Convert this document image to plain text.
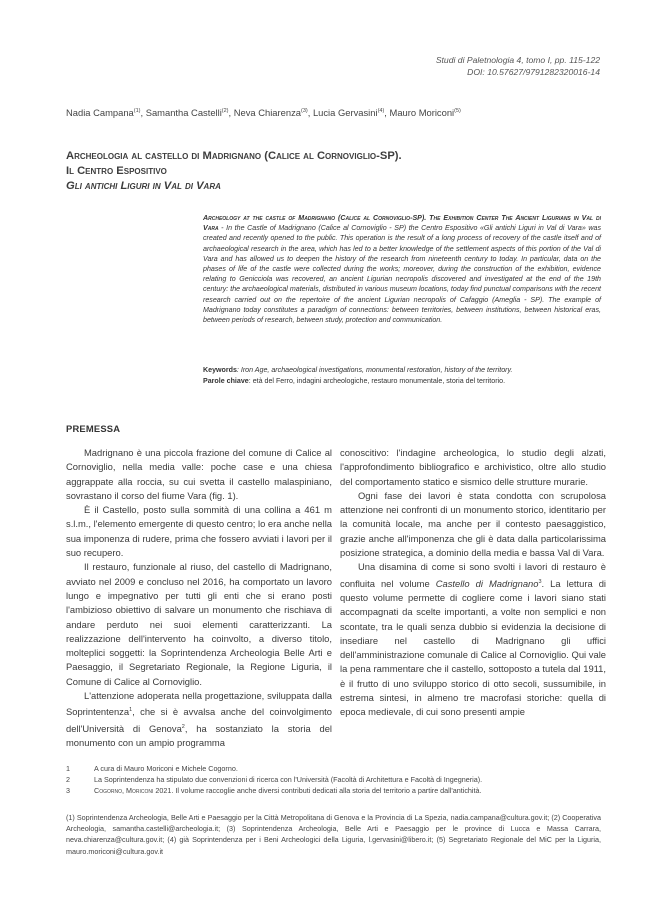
Studi di Paletnologia 4, tomo I, pp. 115-122
DOI: 10.57627/9791282320016-14
Nadia Campana$^{(1)}$, Samantha Castelli$^{(2)}$, Neva Chiarenza$^{(3)}$, Lucia Gervasini$^{(4)}$, Mauro Moriconi$^{(5)}$
Archeologia al castello di Madrignano (Calice al Cornoviglio-SP).
Il Centro Espositivo
Gli antichi Liguri in Val di Vara
Archeology at the castle of Madrignano (Calice al Cornoviglio-SP). The Exhibition Center The Ancient Ligurians in Val di Vara - In the Castle of Madrignano (Calice al Cornoviglio - SP) the Centro Espositivo «Gli antichi Liguri in Val di Vara» was created and recently opened to the public. This operation is the result of a long process of recovery of the castle itself and of archaeological research in the area, which has led to a better knowledge of the settlement aspects of this portion of the Val di Vara and has allowed us to deepen the history of the research from nineteenth century to today. In particular, data on the phases of life of the castle were collected during the works; moreover, during the construction of the exhibition, evidence relating to Genicciola was recovered, an ancient Ligurian necropolis discovered and investigated at the end of the 19th century: the archaeological materials, distributed in various museum locations, today find punctual comparisons with the recent research carried out on the repertoire of the ancient Ligurian necropolis of Cafaggio (Ameglia - SP). The example of Madrignano today constitutes a paradigm of connections: between territories, between institutions, between historical eras, between periods of research, between study, protection and communication.
Keywords: Iron Age, archaeological investigations, monumental restoration, history of the territory.
Parole chiave: età del Ferro, indagini archeologiche, restauro monumentale, storia del territorio.
PREMESSA

Madrignano è una piccola frazione del comune di Calice al Cornoviglio, nella media valle: poche case e una chiesa aggrappate alla roccia, su cui svetta il castello malaspiniano, sovrastano il corso del fiume Vara (fig. 1).

È il Castello, posto sulla sommità di una collina a 461 m s.l.m., l'elemento emergente di questo centro; lo era anche nella sua imponenza di rudere, prima che fossero avviati i lavori per il suo recupero.

Il restauro, funzionale al riuso, del castello di Madrignano, avviato nel 2009 e concluso nel 2016, ha comportato un lavoro lungo e impegnativo per tutti gli enti che si erano posti l'ambizioso obiettivo di salvare un monumento che rischiava di andare perduto nei suoi elementi caratterizzanti. La realizzazione dell'intervento ha coinvolto, a diverso titolo, molteplici soggetti: la Soprintendenza Archeologia Belle Arti e Paesaggio, il Segretariato Regionale, la Regione Liguria, il Comune di Calice al Cornoviglio.

L'attenzione adoperata nella progettazione, sviluppata dalla Soprintentenza$^1$, che si è avvalsa anche del coinvolgimento dell'Università di Genova$^2$, ha sostanziato la storia del monumento con un ampio programma

conoscitivo: l'indagine archeologica, lo studio degli alzati, l'approfondimento bibliografico e archivistico, oltre allo studio del comportamento statico e sismico delle strutture murarie.

Ogni fase dei lavori è stata condotta con scrupolosa attenzione nei confronti di un monumento storico, identitario per la comunità locale, ma anche per il contesto paesaggistico, grazie anche all'imponenza che gli è data dalla particolarissima posizione strategica, a dominio della media e bassa Val di Vara.

Una disamina di come si sono svolti i lavori di restauro è confluita nel volume Castello di Madrignano$^3$. La lettura di questo volume permette di cogliere come i lavori siano stati accompagnati da scelte importanti, a volte non semplici e non scontate, tra le quali senza dubbio si evidenzia la decisione di insediare nel castello di Madrignano gli uffici dell'amministrazione comunale di Calice al Cornoviglio. Qui vale la pena rammentare che il castello, sottoposto a tutela dal 1911, è il frutto di uno sviluppo storico di otto secoli, sussumibile, in estrema sintesi, in almeno tre macrofasi storiche: quella di epoca medievale, di cui sono presenti ampie

1	A cura di Mauro Moriconi e Michele Cogorno.
2	La Soprintendenza ha stipulato due convenzioni di ricerca con l'Università (Facoltà di Architettura e Facoltà di Ingegneria).
3	Cogorno, Moriconi 2021. Il volume raccoglie anche diversi contributi dedicati alla storia del territorio a partire dall'antichità.
(1) Soprintendenza Archeologia, Belle Arti e Paesaggio per la Città Metropolitana di Genova e la Provincia di La Spezia, nadia.campana@cultura.gov.it; (2) Cooperativa Archeologia, samantha.castelli@archeologia.it; (3) Soprintendenza Archeologia, Belle Arti e Paesaggio per le province di Lucca e Massa Carrara, neva.chiarenza@cultura.gov.it; (4) già Soprintendenza per i Beni Archeologici della Liguria, l.gervasini@libero.it; (5) Segretariato Regionale del MiC per la Liguria, mauro.moriconi@cultura.gov.it
